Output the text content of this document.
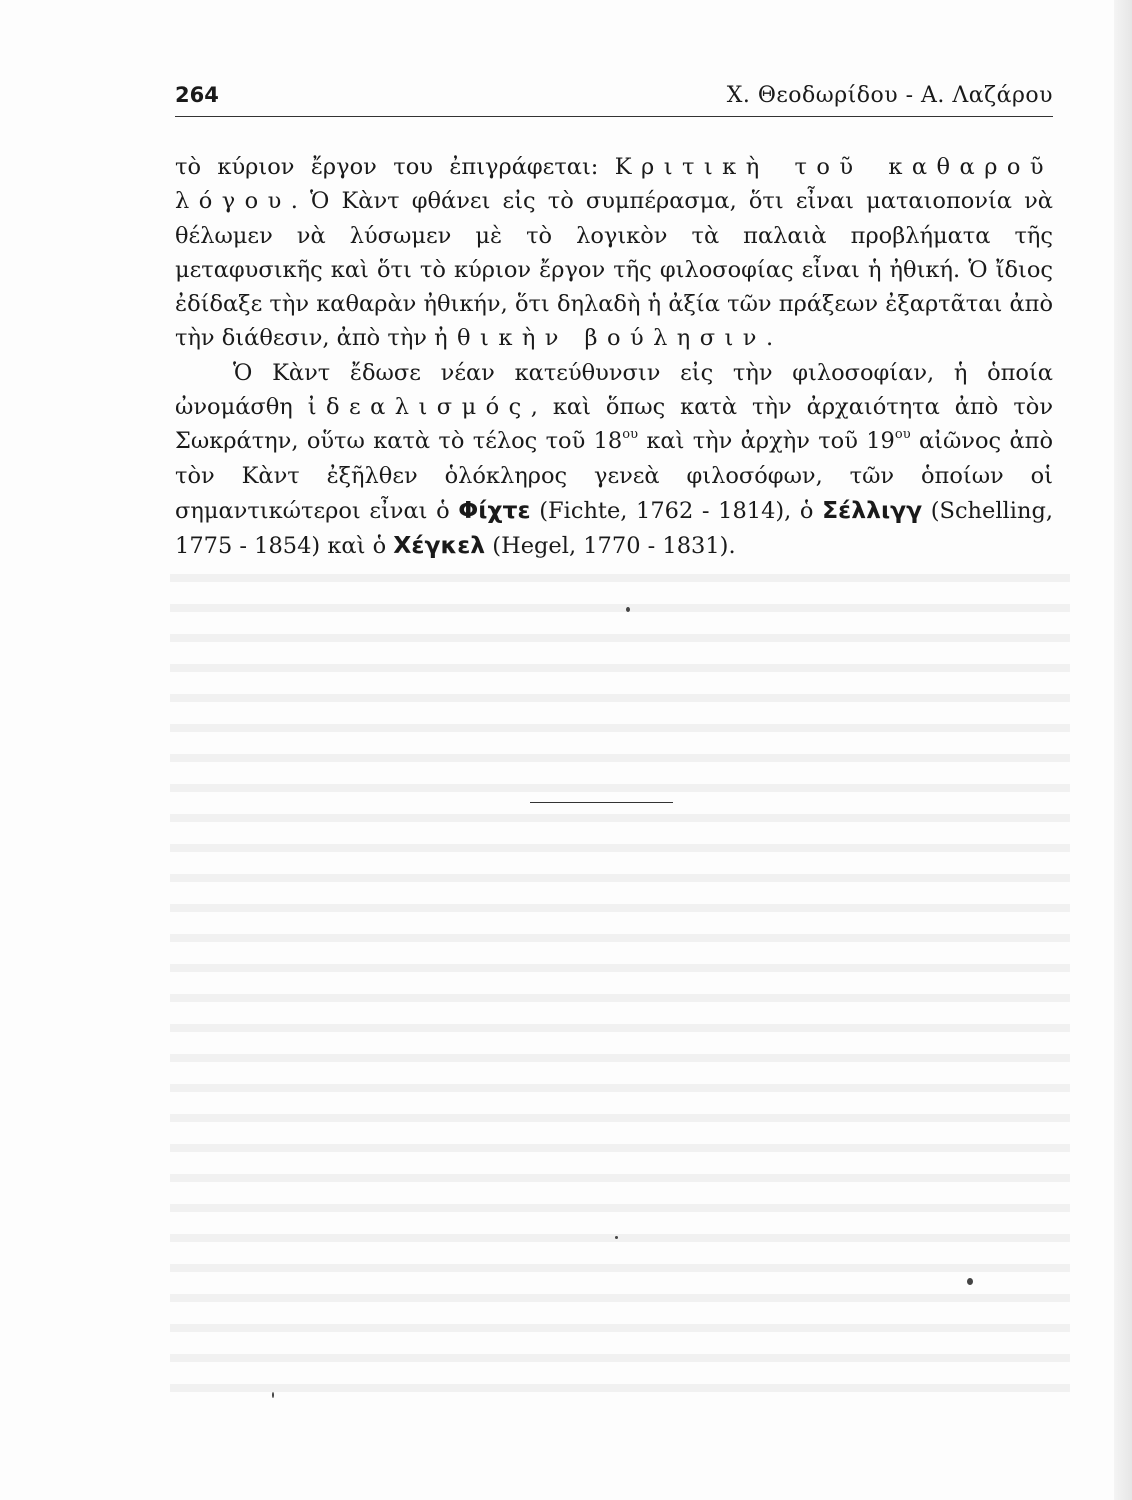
264	Χ. Θεοδωρίδου - Α. Λαζάρου

τὸ κύριον ἔργον του ἐπιγράφεται: Κριτικὴ τοῦ καθαροῦ λόγου. Ὁ Κὰντ φθάνει εἰς τὸ συμπέρασμα, ὅτι εἶναι ματαιοπονία νὰ θέλωμεν νὰ λύσωμεν μὲ τὸ λογικὸν τὰ παλαιὰ προβλήματα τῆς μεταφυσικῆς καὶ ὅτι τὸ κύριον ἔργον τῆς φιλοσοφίας εἶναι ἡ ἠθική. Ὁ ἴδιος ἐδίδαξε τὴν καθαρὰν ἠθικήν, ὅτι δηλαδὴ ἡ ἀξία τῶν πράξεων ἐξαρτᾶται ἀπὸ τὴν διάθεσιν, ἀπὸ τὴν ἠθικὴν βούλησιν.

Ὁ Κὰντ ἔδωσε νέαν κατεύθυνσιν εἰς τὴν φιλοσοφίαν, ἡ ὁποία ὠνομάσθη ἰδεαλισμός, καὶ ὅπως κατὰ τὴν ἀρχαιότητα ἀπὸ τὸν Σωκράτην, οὕτω κατὰ τὸ τέλος τοῦ $18^{o\upsilon}$ καὶ τὴν ἀρχὴν τοῦ $19^{o\upsilon}$ αἰῶνος ἀπὸ τὸν Κὰντ ἐξῆλθεν ὁλόκληρος γενεὰ φιλοσόφων, τῶν ὁποίων οἱ σημαντικώτεροι εἶναι ὁ Φίχτε (Fichte, 1762 - 1814), ὁ Σέλλιγγ (Schelling, 1775 - 1854) καὶ ὁ Χέγκελ (Hegel, 1770 - 1831).
